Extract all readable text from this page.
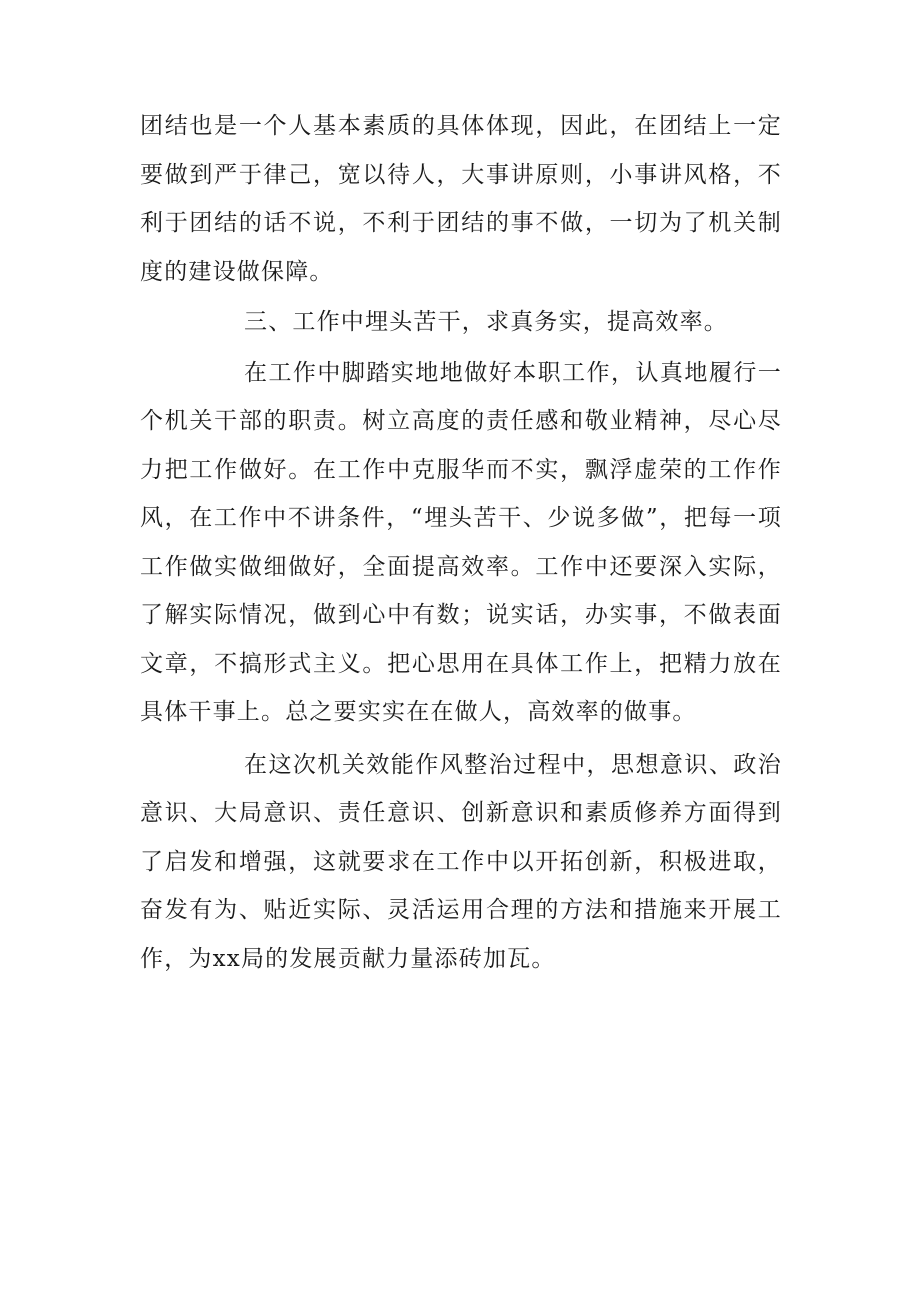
团结也是一个人基本素质的具体体现，因此，在团结上一定要做到严于律己，宽以待人，大事讲原则，小事讲风格，不利于团结的话不说，不利于团结的事不做，一切为了机关制度的建设做保障。

三、工作中埋头苦干，求真务实，提高效率。

在工作中脚踏实地地做好本职工作，认真地履行一个机关干部的职责。树立高度的责任感和敬业精神，尽心尽力把工作做好。在工作中克服华而不实，飘浮虚荣的工作作风，在工作中不讲条件，“埋头苦干、少说多做”，把每一项工作做实做细做好，全面提高效率。工作中还要深入实际，了解实际情况，做到心中有数；说实话，办实事，不做表面文章，不搞形式主义。把心思用在具体工作上，把精力放在具体干事上。总之要实实在在做人，高效率的做事。

在这次机关效能作风整治过程中，思想意识、政治意识、大局意识、责任意识、创新意识和素质修养方面得到了启发和增强，这就要求在工作中以开拓创新，积极进取，奋发有为、贴近实际、灵活运用合理的方法和措施来开展工作，为xx局的发展贡献力量添砖加瓦。
